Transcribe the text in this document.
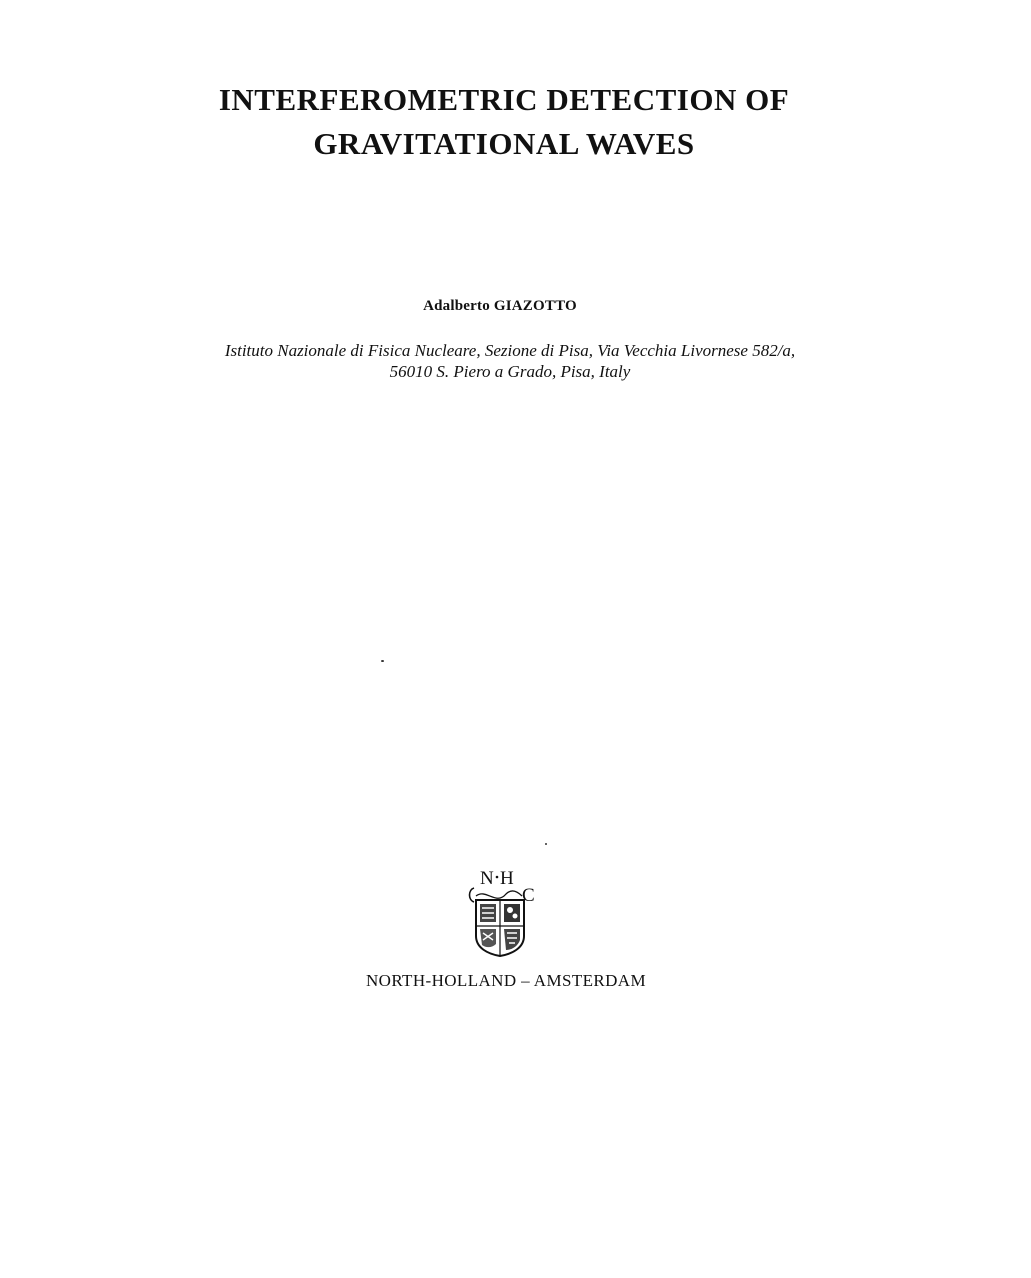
INTERFEROMETRIC DETECTION OF
GRAVITATIONAL WAVES
Adalberto GIAZOTTO
Istituto Nazionale di Fisica Nucleare, Sezione di Pisa, Via Vecchia Livornese 582/a,
56010 S. Piero a Grado, Pisa, Italy
N H
C
NORTH-HOLLAND – AMSTERDAM
